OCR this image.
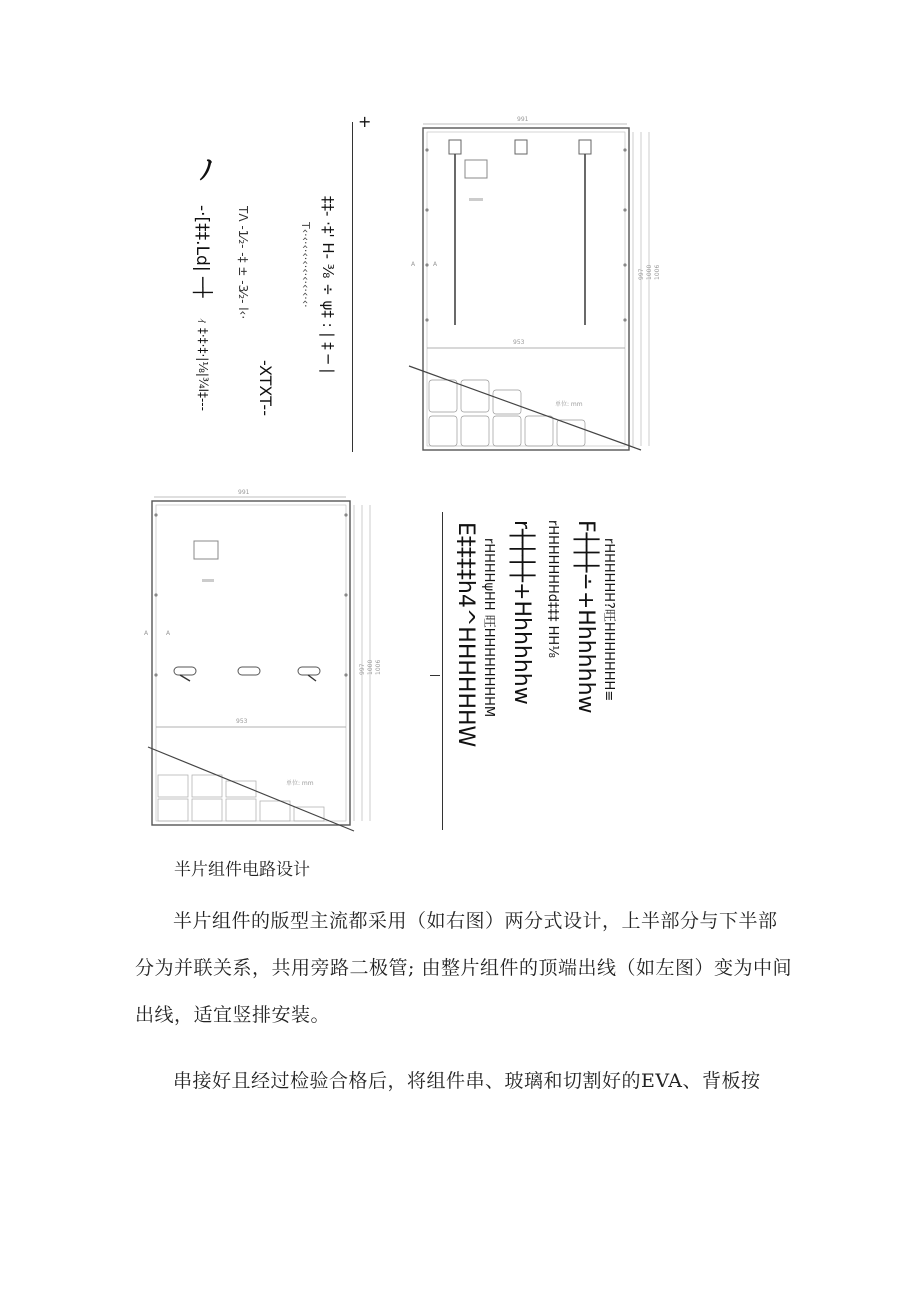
ﾉ
-·[‡‡.Ld| ─┼
ｨ ‡·‡·‡·|⅛|¾l‡---
TΛ -1⁄₂- -‡ ± -3⁄₂- l‹·
-XTXT--
‡‡- ·‡' H- ⅜ ÷ ψ‡ : | ‡ ─ |
T‹·‹·‹·‹·‹·‹·‹·‹·‹·‹·
+	991
A	A
997 1000 1006
953
单位: mm
991
A	A
997 1000 1006
953
单位: mm
E‡‡‡‡h4^HHHHHHW rHHHHψHH 旺HHHHHHHHM r┼┼┼┼+Hhhhhhw rHHHHHHHd‡‡‡ HH⅛ F┼┼┼∸+Hhhhhhw rHHHHHH?旺HHHHHHH≡
半片组件电路设计
半片组件的版型主流都采用（如右图）两分式设计，上半部分与下半部分为并联关系，共用旁路二极管; 由整片组件的顶端出线（如左图）变为中间出线，适宜竖排安装。
串接好且经过检验合格后，将组件串、玻璃和切割好的EVA、背板按
